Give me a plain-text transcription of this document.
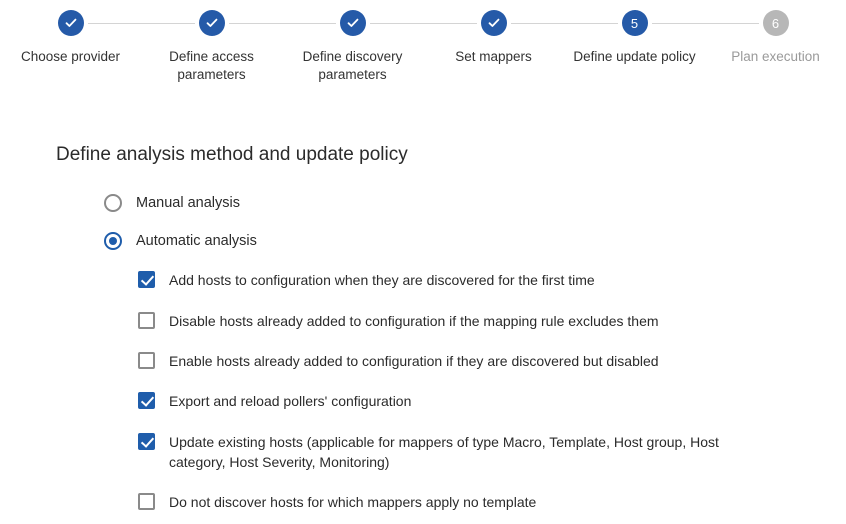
Choose provider	Define access parameters
Define discovery parameters
Set mappers
5
Define update policy
6
Plan execution
Define analysis method and update policy
Manual analysis
Automatic analysis
Add hosts to configuration when they are discovered for the first time
Disable hosts already added to configuration if the mapping rule excludes them
Enable hosts already added to configuration if they are discovered but disabled
Export and reload pollers' configuration
Update existing hosts (applicable for mappers of type Macro, Template, Host group, Host category, Host Severity, Monitoring)
Do not discover hosts for which mappers apply no template
